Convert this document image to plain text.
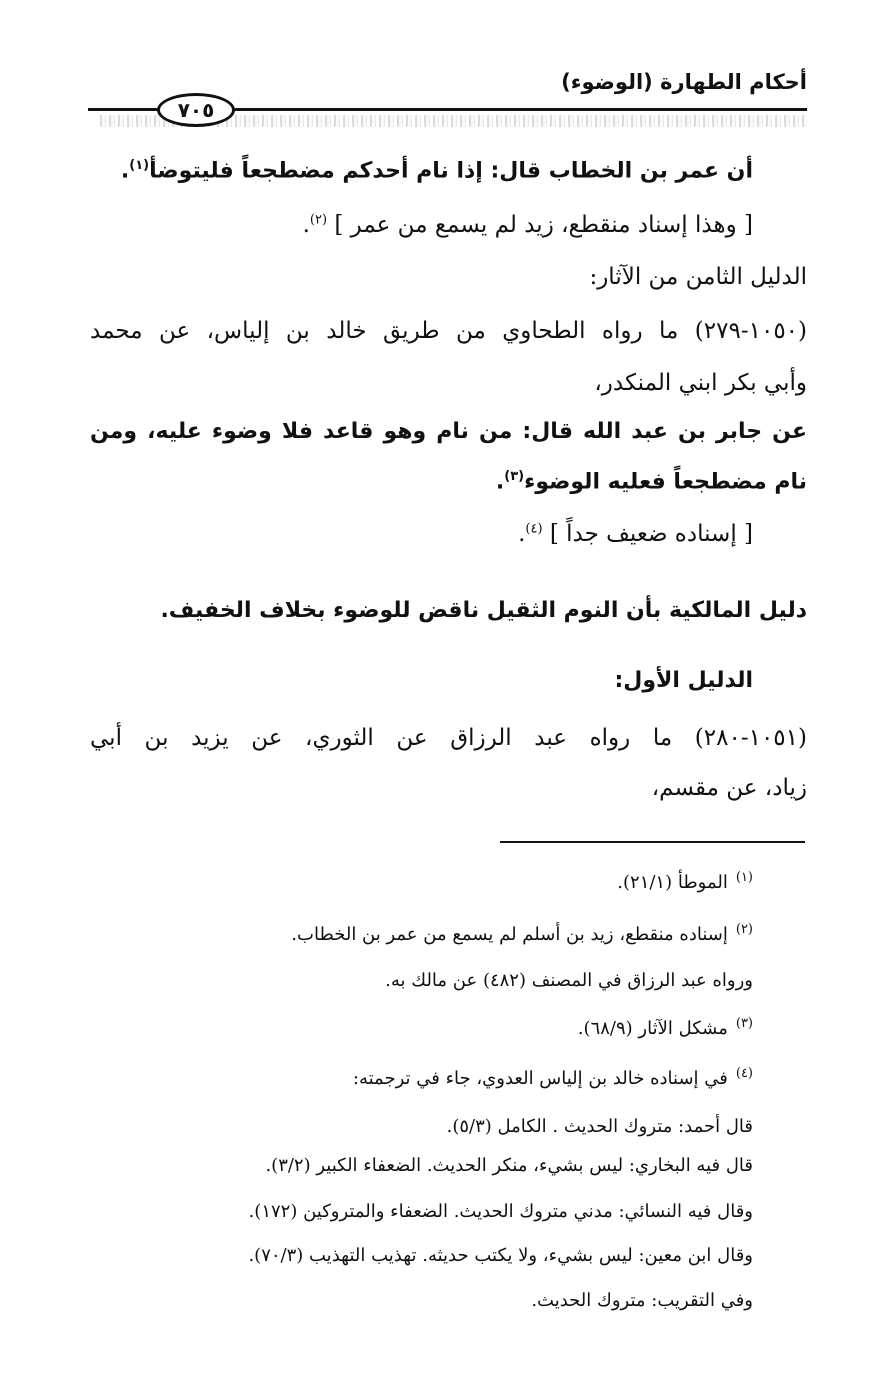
أحكام الطهارة (الوضوء)
٧٠٥
أن عمر بن الخطاب قال: إذا نام أحدكم مضطجعاً فليتوضأ$^{(١)}$.
[ وهذا إسناد منقطع، زيد لم يسمع من عمر ] $^{(٢)}$.
الدليل الثامن من الآثار:
(١٠٥٠-٢٧٩) ما رواه الطحاوي من طريق خالد بن إلياس، عن محمد
وأبي بكر ابني المنكدر،
عن جابر بن عبد الله قال: من نام وهو قاعد فلا وضوء عليه، ومن
نام مضطجعاً فعليه الوضوء$^{(٣)}$.
[ إسناده ضعيف جداً ] $^{(٤)}$.
دليل المالكية بأن النوم الثقيل ناقض للوضوء بخلاف الخفيف.
الدليل الأول:
(١٠٥١-٢٨٠) ما رواه عبد الرزاق عن الثوري، عن يزيد بن أبي
زياد، عن مقسم،
$^{(١)}$الموطأ (٢١/١).
$^{(٢)}$إسناده منقطع، زيد بن أسلم لم يسمع من عمر بن الخطاب.
ورواه عبد الرزاق في المصنف (٤٨٢) عن مالك به.
$^{(٣)}$مشكل الآثار (٦٨/٩).
$^{(٤)}$في إسناده خالد بن إلياس العدوي، جاء في ترجمته:
قال أحمد: متروك الحديث . الكامل (٥/٣).
قال فيه البخاري: ليس بشيء، منكر الحديث. الضعفاء الكبير (٣/٢).
وقال فيه النسائي: مدني متروك الحديث. الضعفاء والمتروكين (١٧٢).
وقال ابن معين: ليس بشيء، ولا يكتب حديثه. تهذيب التهذيب (٧٠/٣).
وفي التقريب: متروك الحديث.
